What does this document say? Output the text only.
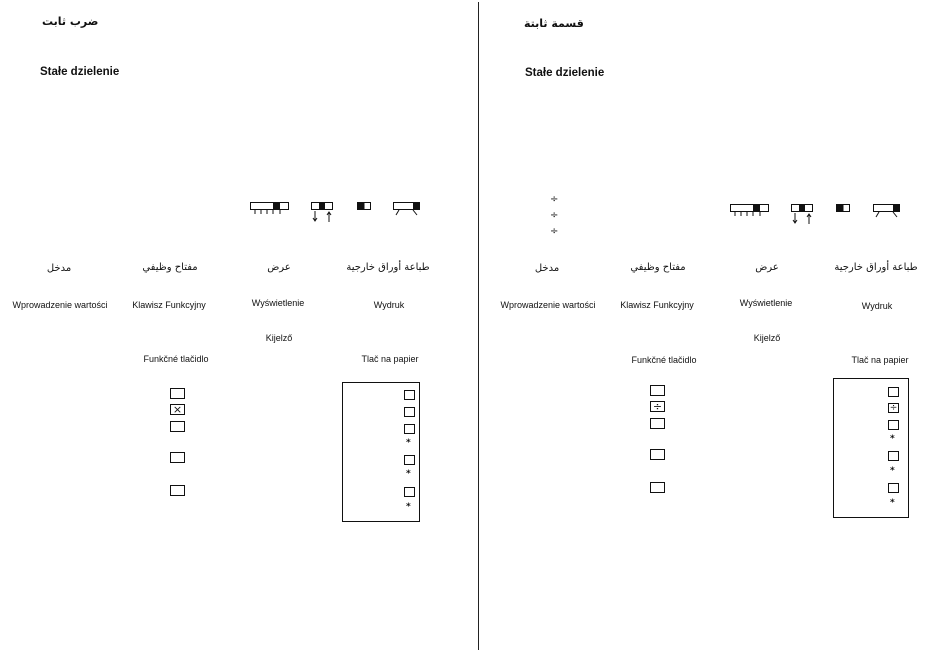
ضرب ثابت
Stałe dzielenie
مدخل	مفتاح وظيفي	عرض	طباعة أوراق خارجية
Wprowadzenie wartości	Klawisz Funkcyjny	Wyświetlenie	Wydruk
Kijelző
Funkčné tlačidlo	Tlač na papier
×
*
*
*
قسمة ثابتة
Stałe dzielenie
÷
÷
÷
مدخل	مفتاح وظيفي	عرض	طباعة أوراق خارجية
Wprowadzenie wartości	Klawisz Funkcyjny	Wyświetlenie	Wydruk
Kijelző
Funkčné tlačidlo	Tlač na papier
÷	÷
*
*
*
